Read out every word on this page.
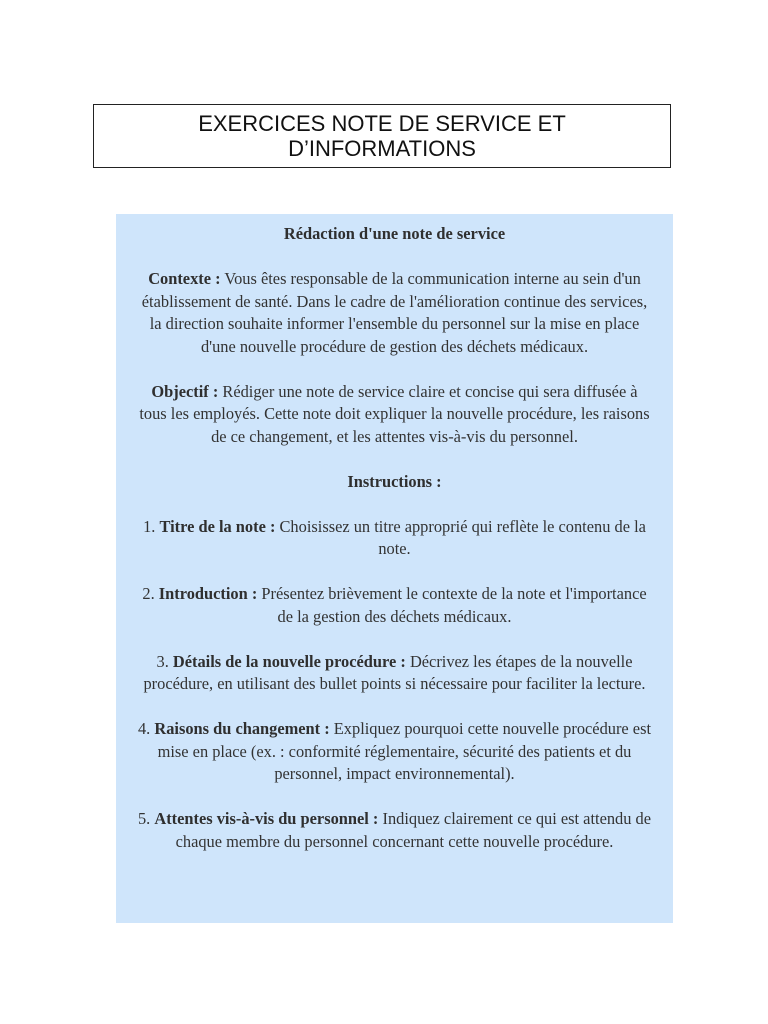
EXERCICES NOTE DE SERVICE ET
D’INFORMATIONS

Rédaction d'une note de service

Contexte : Vous êtes responsable de la communication interne au sein d'un établissement de santé. Dans le cadre de l'amélioration continue des services, la direction souhaite informer l'ensemble du personnel sur la mise en place d'une nouvelle procédure de gestion des déchets médicaux.

Objectif : Rédiger une note de service claire et concise qui sera diffusée à tous les employés. Cette note doit expliquer la nouvelle procédure, les raisons de ce changement, et les attentes vis-à-vis du personnel.

Instructions :

1. Titre de la note : Choisissez un titre approprié qui reflète le contenu de la note.

2. Introduction : Présentez brièvement le contexte de la note et l'importance de la gestion des déchets médicaux.

3. Détails de la nouvelle procédure : Décrivez les étapes de la nouvelle procédure, en utilisant des bullet points si nécessaire pour faciliter la lecture.

4. Raisons du changement : Expliquez pourquoi cette nouvelle procédure est mise en place (ex. : conformité réglementaire, sécurité des patients et du personnel, impact environnemental).

5. Attentes vis-à-vis du personnel : Indiquez clairement ce qui est attendu de chaque membre du personnel concernant cette nouvelle procédure.
